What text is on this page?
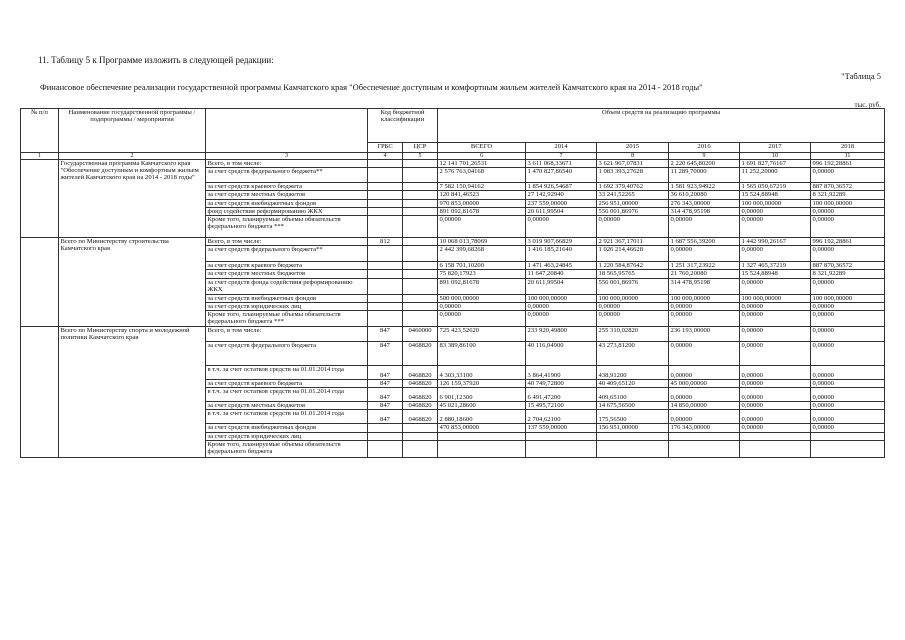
11. Таблицу 5 к Программе изложить в следующей редакции:
"Таблица 5
Финансовое обеспечение реализации государственной программы Камчатского края "Обеспечение доступным и комфортным жильем жителей Камчатского края на 2014 - 2018 годы"
тыс. руб.
№ п/п	Наименование государственной программы / подпрограммы / мероприятия		Код бюджетной классификации		Объем средств на реализацию программы					
			ГРБС	ЦСР	ВСЕГО	2014	2015	2016	2017	2018
1	2	3	4	5	6	7	8	9	10	11
	Государственная программа Камчатского края "Обеспечение доступным и комфортным жильем жителей Камчатского края на 2014 - 2018 годы"	Всего, в том числе:			12 141 701,26531	3 611 068,33671	3 621 967,07831	2 220 645,80200	1 691 827,76167	996 192,28861
		за счет средств федерального бюджета**			2 576 763,04168	1 470 827,86540	1 083 393,27628	11 289,70000	11 252,20000	0,00000
		за счет средств краевого бюджета			7 582 150,94162	1 854 926,54687	1 692 379,40762	1 581 923,94922	1 565 050,67219	887 870,36572
		за счет средств местных бюджетов			120 841,46523	27 142,92940	33 241,52265	36 610,20080	15 524,88948	8 321,92289
		за счет средств внебюджетных фондов			970 853,00000	237 559,00000	256 951,00000	276 343,00000	100 000,00000	100 000,00000
		фонд содействия реформированию ЖКХ			891 092,81678	20 611,99504	556 001,86976	314 478,95198	0,00000	0,00000
		Кроме того, планируемые объемы обязательств федерального бюджета ***			0,00000	0,00000	0,00000	0,00000	0,00000	0,00000
	Всего по Министерству строительства Камчатского края	Всего, в том числе:	812		10 068 013,78069	3 019 907,66829	2 921 367,17011	1 687 556,39200	1 442 990,26167	996 192,28861
		за счет средств федерального бюджета**			2 442 399,68268	1 416 185,21640	1 026 214,46628	0,00000	0,00000	0,00000
		за счет средств краевого бюджета			6 158 701,10200	1 471 463,24845	1 220 584,87642	1 251 317,23922	1 327 465,37219	887 870,36572
		за счет средств местных бюджетов			75 820,17923	11 647,20840	18 565,95765	21 760,20080	15 524,88948	8 321,92289
		за счет средств фонда содействия реформированию ЖКХ			891 092,81678	20 611,99504	556 001,86976	314 478,95198	0,00000	0,00000
		за счет средств внебюджетных фондов			500 000,00000	100 000,00000	100 000,00000	100 000,00000	100 000,00000	100 000,00000
		за счет средств юридических лиц			0,00000	0,00000	0,00000	0,00000	0,00000	0,00000
		Кроме того, планируемые объемы обязательств федерального бюджета ***			0,00000	0,00000	0,00000	0,00000	0,00000	0,00000
	Всего по Министерству спорта и молодежной политики Камчатского края	Всего, в том числе:	847	0460000	725 423,52620	233 920,49800	255 310,02820	236 193,00000	0,00000	0,00000
		за счет средств федерального бюджета	847	0468820	83 389,86100	40 116,04900	43 273,81200	0,00000	0,00000	0,00000
		в т.ч. за счет остатков средств на 01.01.2014 года	847	0468820	4 303,33100	3 864,41900	438,91200	0,00000	0,00000	0,00000
		за счет средств краевого бюджета	847	0468820	126 159,37920	40 749,72800	40 409,65120	45 000,00000	0,00000	0,00000
		в т.ч. за счет остатков средств на 01.01.2014 года	847	0468820	6 901,12300	6 491,47200	409,65100	0,00000	0,00000	0,00000
		за счет средств местных бюджетов	847	0468820	45 021,28600	15 495,72100	14 675,56500	14 850,00000	0,00000	0,00000
		в т.ч. за счет остатков средств на 01.01.2014 года	847	0468820	2 880,18600	2 704,62100	175,56500	0,00000	0,00000	0,00000
		за счет средств внебюджетных фондов			470 853,00000	137 559,00000	156 951,00000	176 343,00000	0,00000	0,00000
		за счет средств юридических лиц								
		Кроме того, планируемые объемы обязательств федерального бюджета								
